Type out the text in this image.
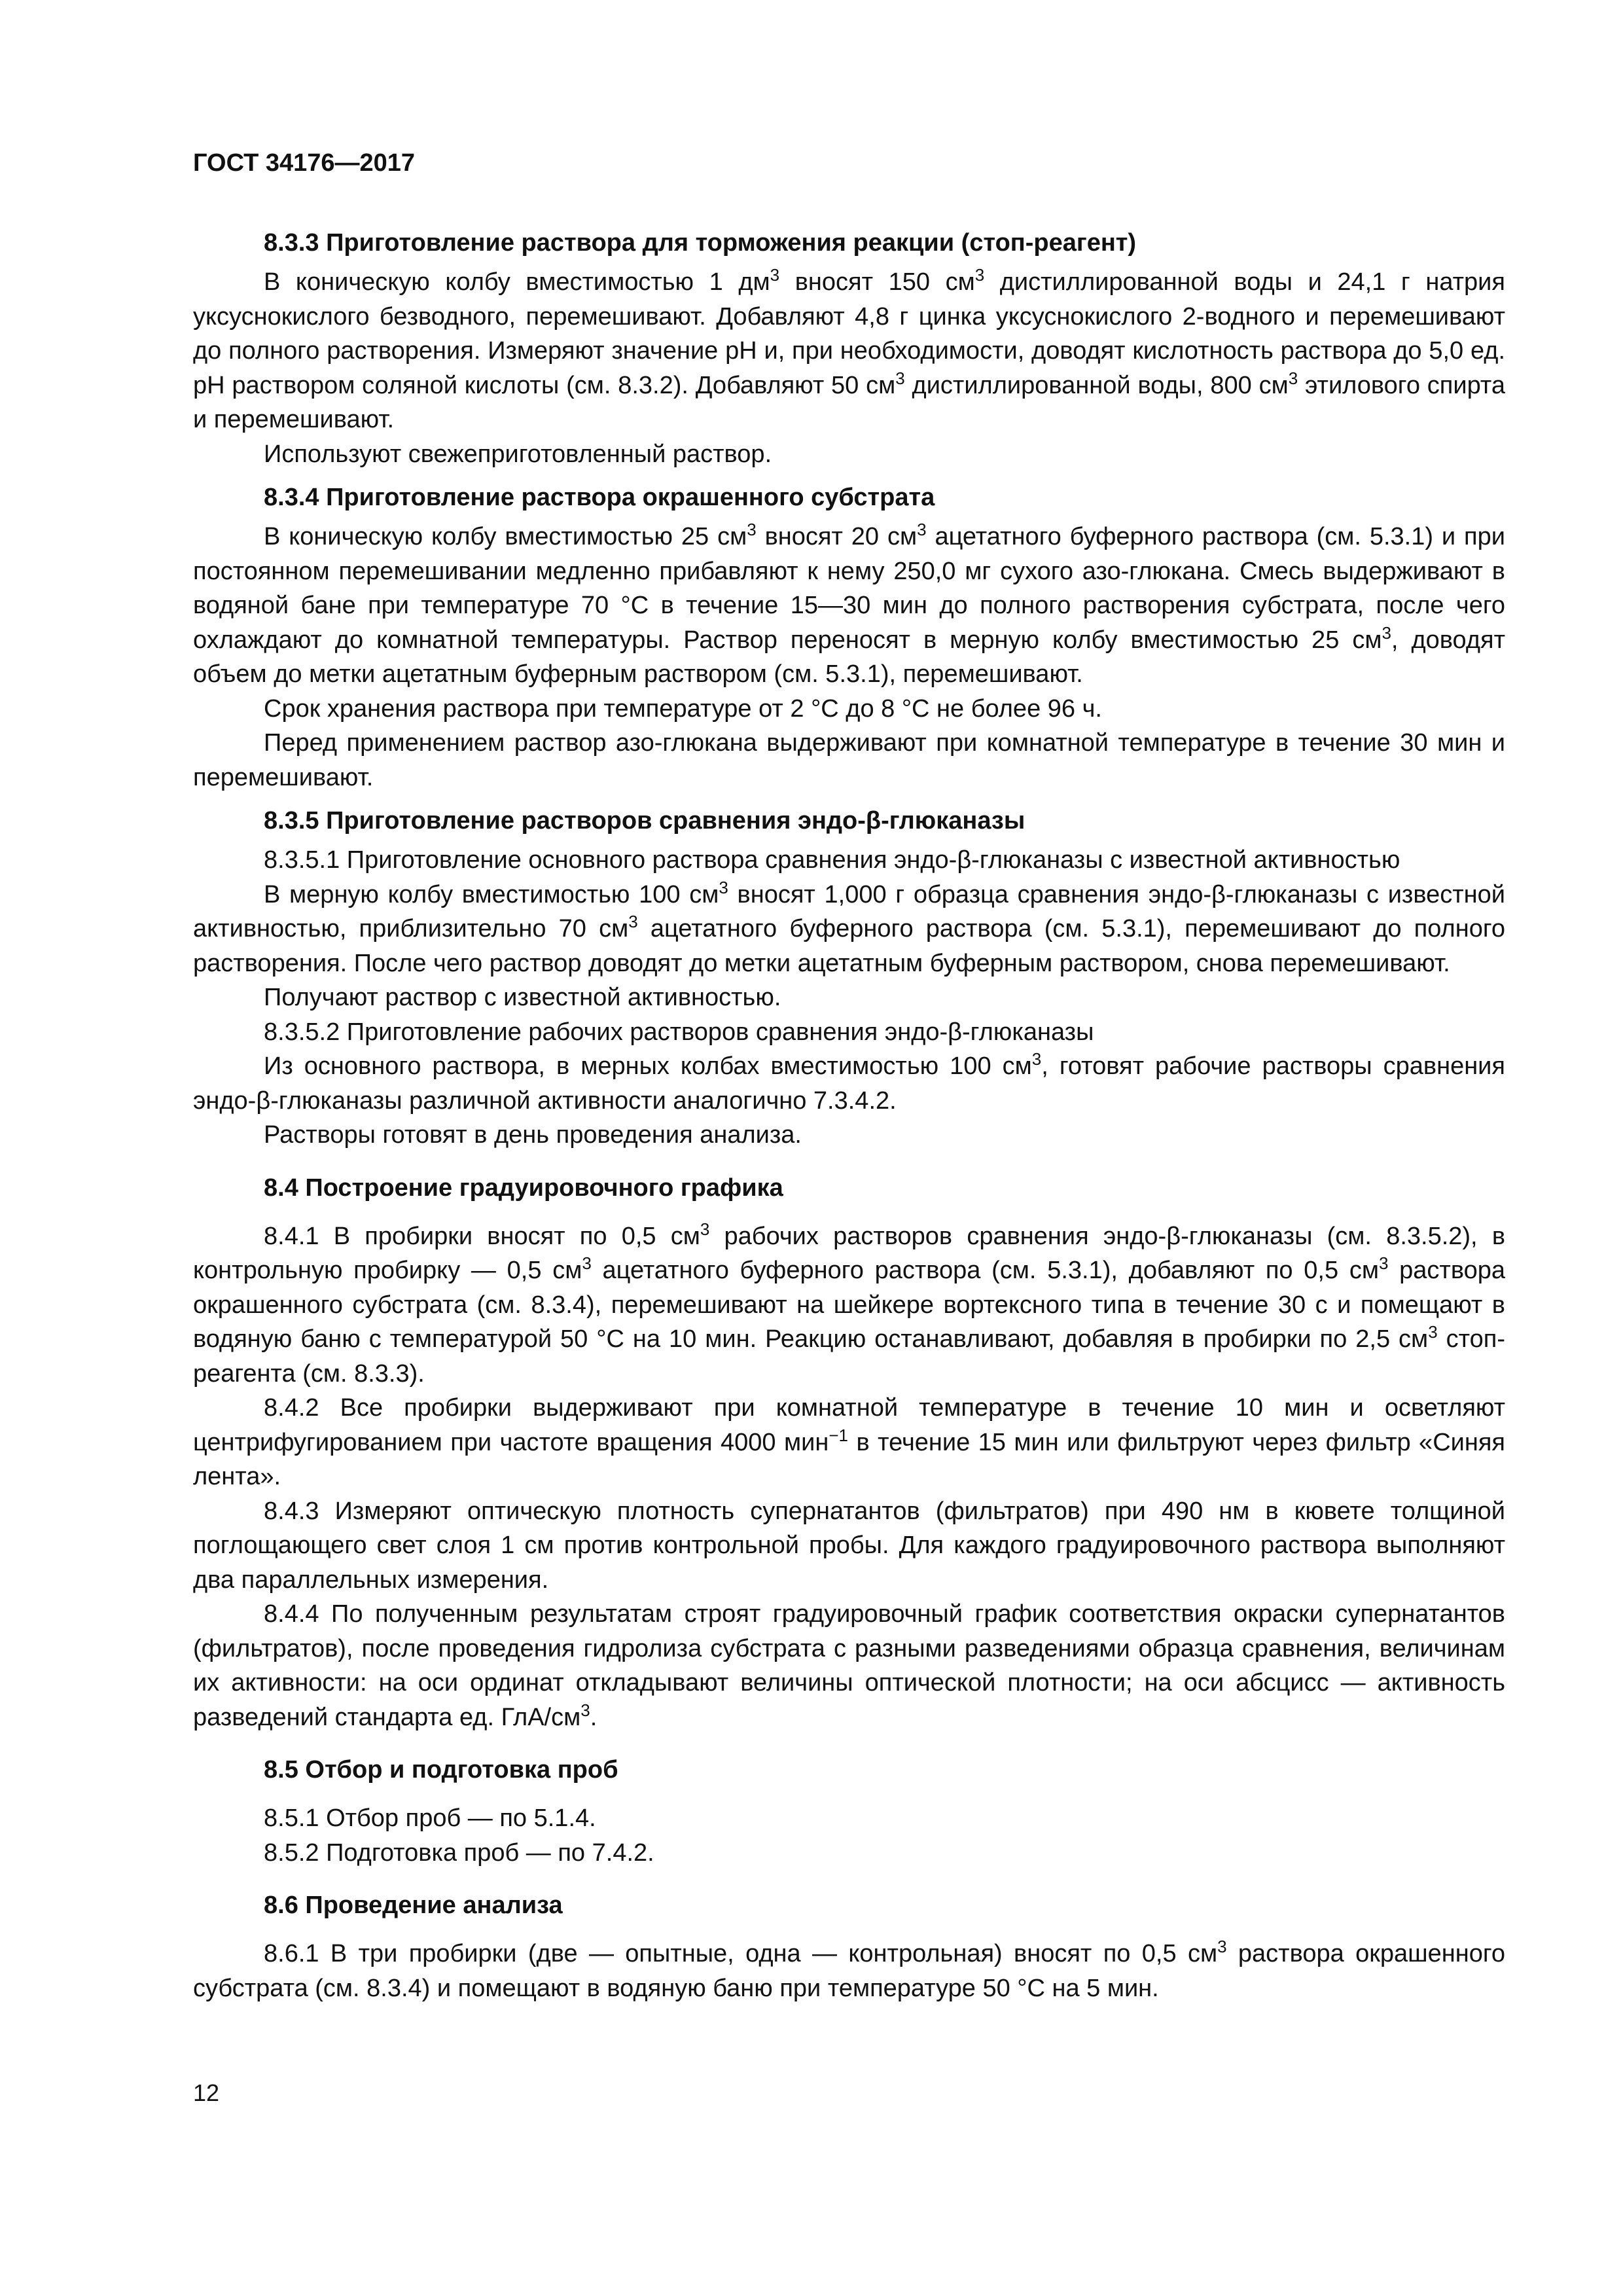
ГОСТ 34176—2017
8.3.3 Приготовление раствора для торможения реакции (стоп-реагент)

В коническую колбу вместимостью 1 $дм^3$ вносят 150 $см^3$ дистиллированной воды и 24,1 г натрия уксуснокислого безводного, перемешивают. Добавляют 4,8 г цинка уксуснокислого 2-водного и перемешивают до полного растворения. Измеряют значение pH и, при необходимости, доводят кислотность раствора до 5,0 ед. pH раствором соляной кислоты (см. 8.3.2). Добавляют 50 $см^3$ дистиллированной воды, 800 $см^3$ этилового спирта и перемешивают.

Используют свежеприготовленный раствор.

8.3.4 Приготовление раствора окрашенного субстрата

В коническую колбу вместимостью 25 $см^3$ вносят 20 $см^3$ ацетатного буферного раствора (см. 5.3.1) и при постоянном перемешивании медленно прибавляют к нему 250,0 мг сухого азо-глюкана. Смесь выдерживают в водяной бане при температуре 70 °С в течение 15—30 мин до полного растворения субстрата, после чего охлаждают до комнатной температуры. Раствор переносят в мерную колбу вместимостью 25 $см^3$, доводят объем до метки ацетатным буферным раствором (см. 5.3.1), перемешивают.

Срок хранения раствора при температуре от 2 °С до 8 °С не более 96 ч.

Перед применением раствор азо-глюкана выдерживают при комнатной температуре в течение 30 мин и перемешивают.

8.3.5 Приготовление растворов сравнения эндо-β-глюканазы

8.3.5.1 Приготовление основного раствора сравнения эндо-β-глюканазы с известной активностью

В мерную колбу вместимостью 100 $см^3$ вносят 1,000 г образца сравнения эндо-β-глюканазы с известной активностью, приблизительно 70 $см^3$ ацетатного буферного раствора (см. 5.3.1), перемешивают до полного растворения. После чего раствор доводят до метки ацетатным буферным раствором, снова перемешивают.

Получают раствор с известной активностью.

8.3.5.2 Приготовление рабочих растворов сравнения эндо-β-глюканазы

Из основного раствора, в мерных колбах вместимостью 100 $см^3$, готовят рабочие растворы сравнения эндо-β-глюканазы различной активности аналогично 7.3.4.2.

Растворы готовят в день проведения анализа.

8.4 Построение градуировочного графика

8.4.1 В пробирки вносят по 0,5 $см^3$ рабочих растворов сравнения эндо-β-глюканазы (см. 8.3.5.2), в контрольную пробирку — 0,5 $см^3$ ацетатного буферного раствора (см. 5.3.1), добавляют по 0,5 $см^3$ раствора окрашенного субстрата (см. 8.3.4), перемешивают на шейкере вортексного типа в течение 30 с и помещают в водяную баню с температурой 50 °С на 10 мин. Реакцию останавливают, добавляя в пробирки по 2,5 $см^3$ стоп-реагента (см. 8.3.3).

8.4.2 Все пробирки выдерживают при комнатной температуре в течение 10 мин и осветляют центрифугированием при частоте вращения 4000 мин$^{-1}$ в течение 15 мин или фильтруют через фильтр «Синяя лента».

8.4.3 Измеряют оптическую плотность супернатантов (фильтратов) при 490 нм в кювете толщиной поглощающего свет слоя 1 см против контрольной пробы. Для каждого градуировочного раствора выполняют два параллельных измерения.

8.4.4 По полученным результатам строят градуировочный график соответствия окраски супернатантов (фильтратов), после проведения гидролиза субстрата с разными разведениями образца сравнения, величинам их активности: на оси ординат откладывают величины оптической плотности; на оси абсцисс — активность разведений стандарта ед. ГлА/$см^3$.

8.5 Отбор и подготовка проб

8.5.1 Отбор проб — по 5.1.4.

8.5.2 Подготовка проб — по 7.4.2.

8.6 Проведение анализа

8.6.1 В три пробирки (две — опытные, одна — контрольная) вносят по 0,5 $см^3$ раствора окрашенного субстрата (см. 8.3.4) и помещают в водяную баню при температуре 50 °С на 5 мин.

12
